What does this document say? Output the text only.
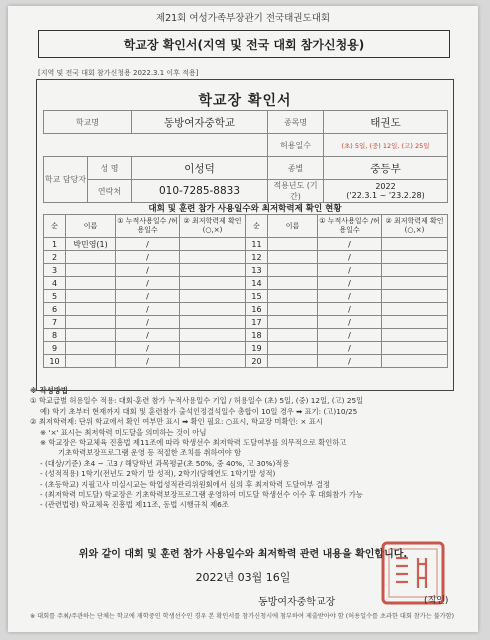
제21회 여성가족부장관기 전국태권도대회
학교장 확인서(지역 및 전국 대회 참가신청용)
[지역 및 전국 대회 참가신청용 2022.3.1 이후 적용]
학교장 확인서
학교명		동방여자중학교	종목명	태권도
			허용일수	(초) 5일, (중) 12일, (고) 25일
학교 담당자	성 명	이성덕	종별	중등부
	연락처	010-7285-8833	적용년도 (기간)	2022
('22.3.1 ~ '23.2.28)
대회 및 훈련 참가 사용일수와 최저학력제 확인 현황
순	이름	① 누적사용일수 /허용일수	② 최저학력제 확인(○,×)	순	이름	① 누적사용일수 /허용일수	② 최저학력제 확인(○,×)
1	박민영(1)	/		11		/	
2		/		12		/	
3		/		13		/	
4		/		14		/	
5		/		15		/	
6		/		16		/	
7		/		17		/	
8		/		18		/	
9		/		19		/	
10		/		20		/	
※ 작성방법
① 학교급별 허용일수 적용: 대회·훈련 참가 누적사용일수 기입 / 허용일수 (초) 5일, (중) 12일, (고) 25일
예) 학기 초부터 현재까지 대회 및 훈련참가 출석인정결석일수 총합이 10일 경우 ➡ 표기: (고)10/25
② 최저학력제: 단위 학교에서 확인 여부만 표시 ➡ 확인 필요: ○표시, 학교장 미확인: × 표시
※ '×' 표시는 최저학력 미도달을 의미하는 것이 아님
※ 학교장은 학교체육 진흥법 제11조에 따라 학생선수 최저학력 도달여부를 의무적으로 확인하고
기초학력보장프로그램 운영 등 적절한 조치를 취하여야 함
- (대상/기준) 초4 ~ 고3 / 해당학년 과목평균(초 50%, 중 40%, 고 30%)적용
- (성적적용) 1학기(전년도 2학기 말 성적), 2학기(당해연도 1학기말 성적)
- (초등학교) 지필고사 미실시교는 학업성적관리위원회에서 심의 후 최저학력 도달여부 결정
- (최저학력 미도달) 학교장은 기초학력보장프로그램 운영하여 미도달 학생선수 이수 후 대회참가 가능
- (관련법령) 학교체육 진흥법 제11조, 동법 시행규칙 제6조
위와 같이 대회 및 훈련 참가 사용일수와 최저학력 관련 내용을 확인합니다.
2022년 03월 16일
동방여자중학교장	(직인)
※ 대회를 주최/주관하는 단체는 학교에 재학중인 학생선수인 경우 본 확인서를 참가신청시에 첨부하여 제출받아야 함 (허용일수를 초과한 대회 참가는 불가함)
